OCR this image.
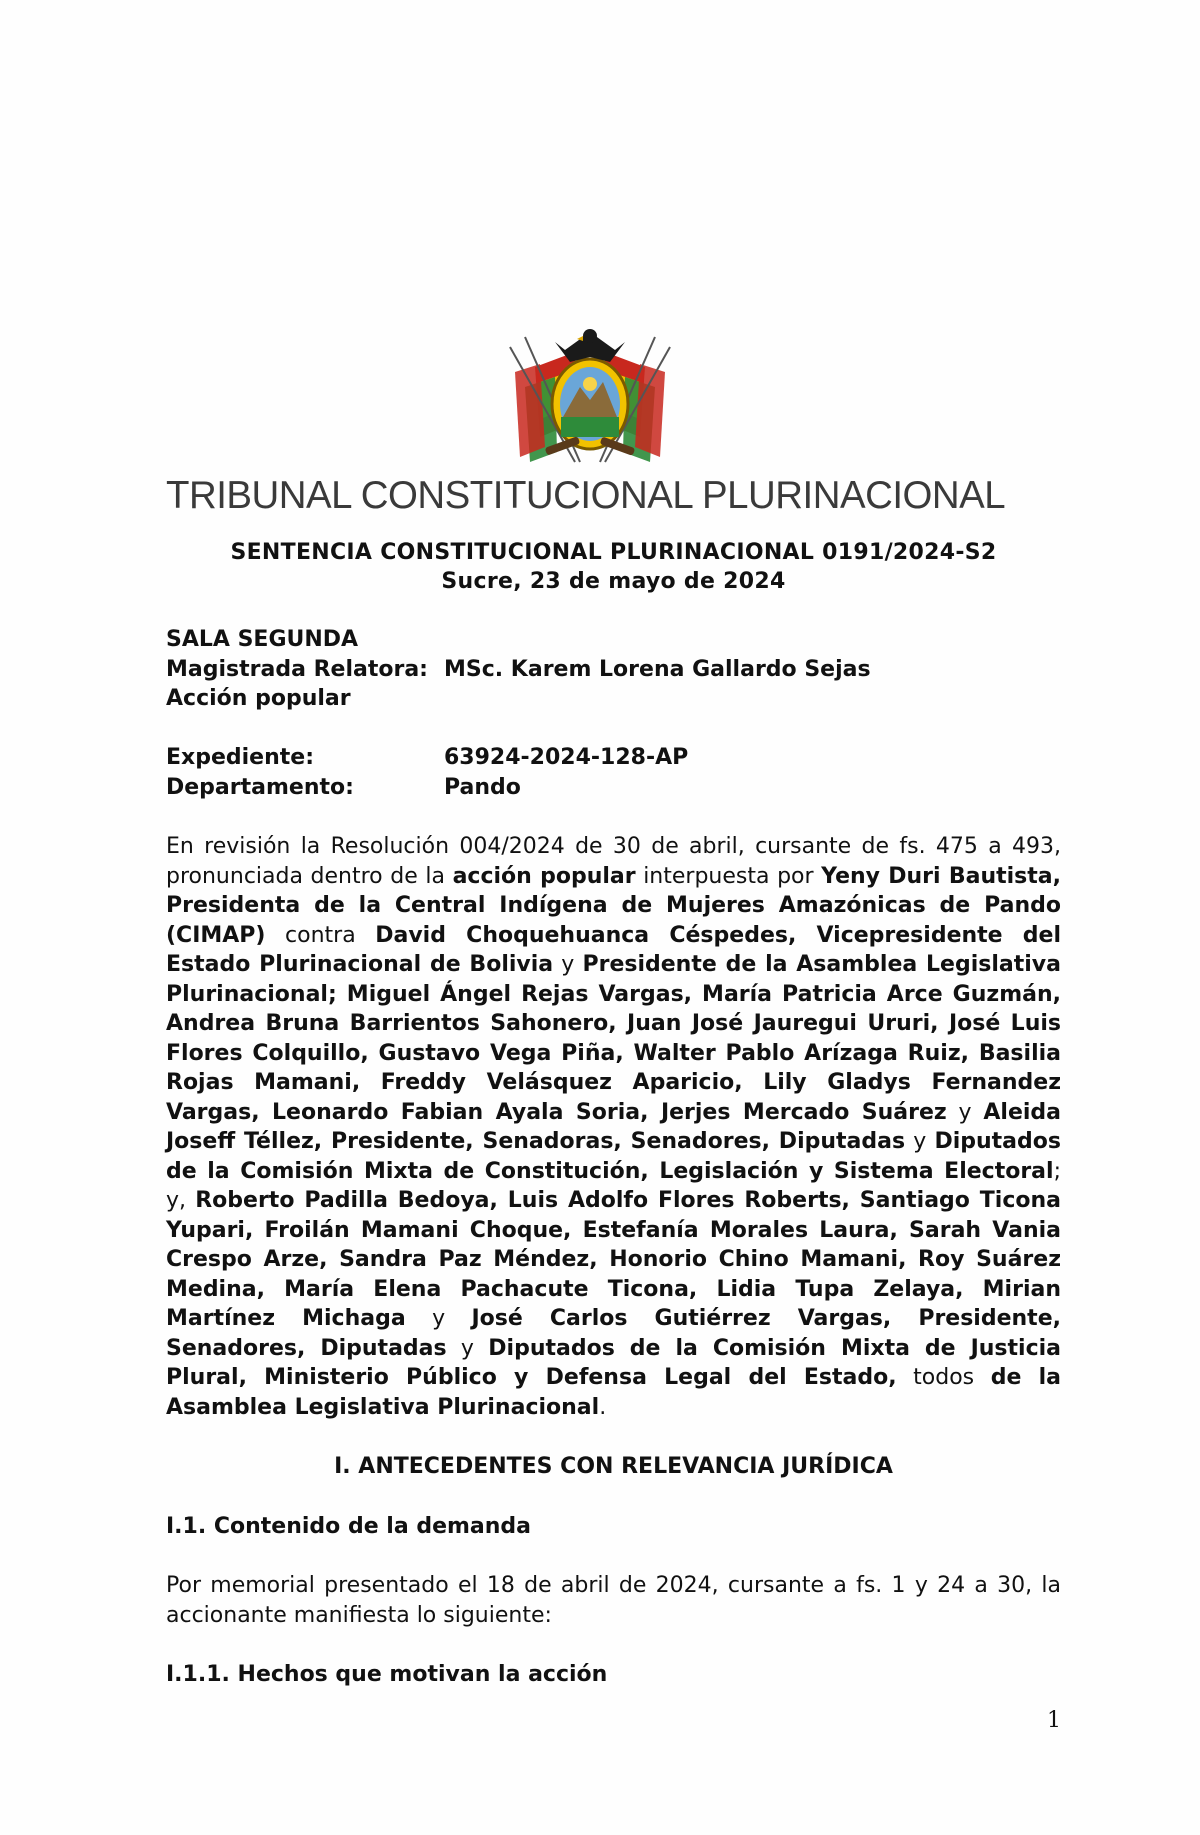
TRIBUNAL CONSTITUCIONAL PLURINACIONAL
SENTENCIA CONSTITUCIONAL PLURINACIONAL 0191/2024-S2
Sucre, 23 de mayo de 2024
SALA SEGUNDA
Magistrada Relatora: MSc. Karem Lorena Gallardo Sejas
Acción popular
Expediente:	63924-2024-128-AP
Departamento:	Pando
En revisión la Resolución 004/2024 de 30 de abril, cursante de fs. 475 a 493, pronunciada dentro de la acción popular interpuesta por Yeny Duri Bautista, Presidenta de la Central Indígena de Mujeres Amazónicas de Pando (CIMAP) contra David Choquehuanca Céspedes, Vicepresidente del Estado Plurinacional de Bolivia y Presidente de la Asamblea Legislativa Plurinacional; Miguel Ángel Rejas Vargas, María Patricia Arce Guzmán, Andrea Bruna Barrientos Sahonero, Juan José Jauregui Ururi, José Luis Flores Colquillo, Gustavo Vega Piña, Walter Pablo Arízaga Ruiz, Basilia Rojas Mamani, Freddy Velásquez Aparicio, Lily Gladys Fernandez Vargas, Leonardo Fabian Ayala Soria, Jerjes Mercado Suárez y Aleida Joseff Téllez, Presidente, Senadoras, Senadores, Diputadas y Diputados de la Comisión Mixta de Constitución, Legislación y Sistema Electoral; y, Roberto Padilla Bedoya, Luis Adolfo Flores Roberts, Santiago Ticona Yupari, Froilán Mamani Choque, Estefanía Morales Laura, Sarah Vania Crespo Arze, Sandra Paz Méndez, Honorio Chino Mamani, Roy Suárez Medina, María Elena Pachacute Ticona, Lidia Tupa Zelaya, Mirian Martínez Michaga y José Carlos Gutiérrez Vargas, Presidente, Senadores, Diputadas y Diputados de la Comisión Mixta de Justicia Plural, Ministerio Público y Defensa Legal del Estado, todos de la Asamblea Legislativa Plurinacional.
I. ANTECEDENTES CON RELEVANCIA JURÍDICA
I.1. Contenido de la demanda
Por memorial presentado el 18 de abril de 2024, cursante a fs. 1 y 24 a 30, la accionante manifiesta lo siguiente:
I.1.1. Hechos que motivan la acción
1
